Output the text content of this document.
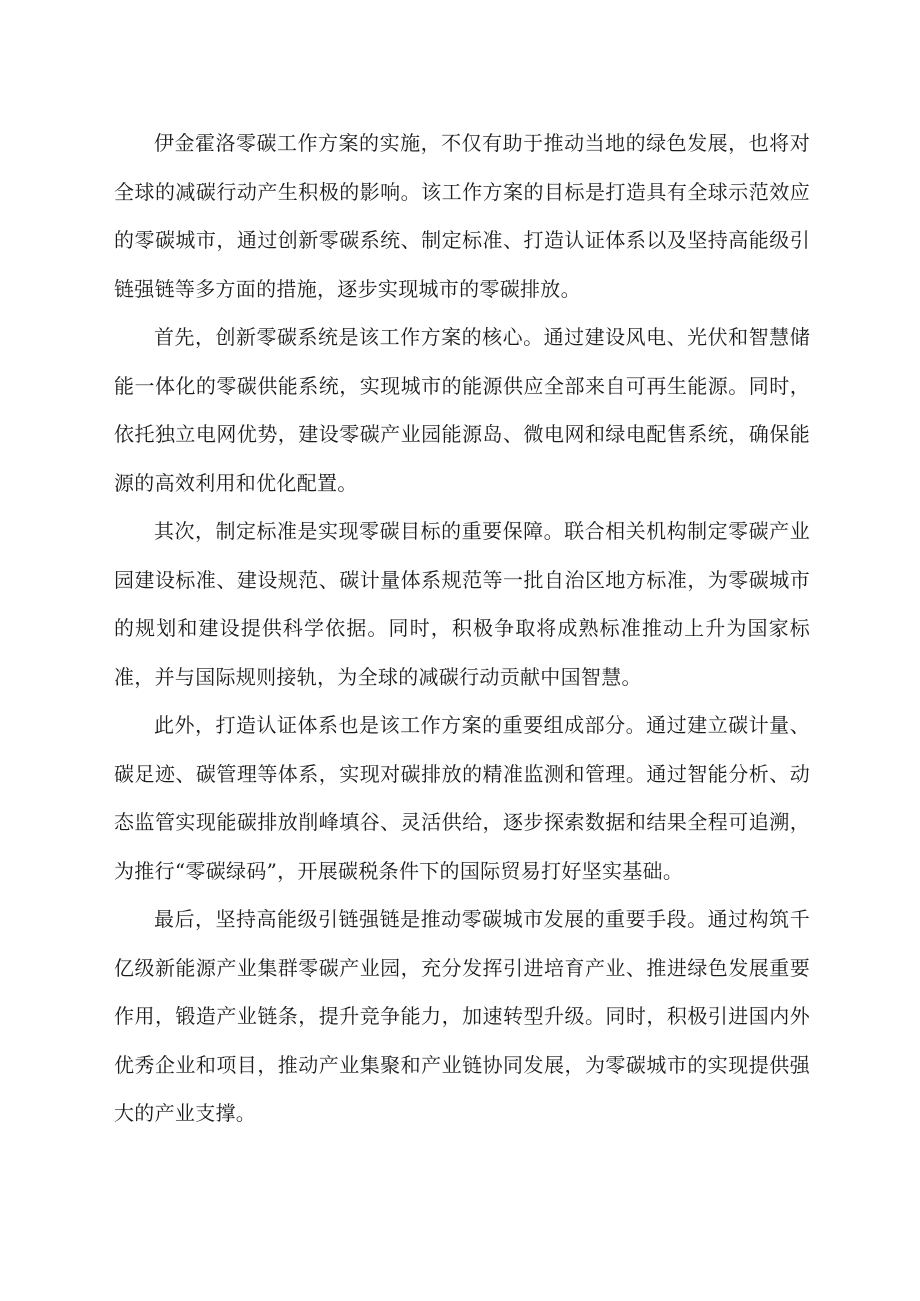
伊金霍洛零碳工作方案的实施，不仅有助于推动当地的绿色发展，也将对全球的减碳行动产生积极的影响。该工作方案的目标是打造具有全球示范效应的零碳城市，通过创新零碳系统、制定标准、打造认证体系以及坚持高能级引链强链等多方面的措施，逐步实现城市的零碳排放。

首先，创新零碳系统是该工作方案的核心。通过建设风电、光伏和智慧储能一体化的零碳供能系统，实现城市的能源供应全部来自可再生能源。同时，依托独立电网优势，建设零碳产业园能源岛、微电网和绿电配售系统，确保能源的高效利用和优化配置。

其次，制定标准是实现零碳目标的重要保障。联合相关机构制定零碳产业园建设标准、建设规范、碳计量体系规范等一批自治区地方标准，为零碳城市的规划和建设提供科学依据。同时，积极争取将成熟标准推动上升为国家标准，并与国际规则接轨，为全球的减碳行动贡献中国智慧。

此外，打造认证体系也是该工作方案的重要组成部分。通过建立碳计量、碳足迹、碳管理等体系，实现对碳排放的精准监测和管理。通过智能分析、动态监管实现能碳排放削峰填谷、灵活供给，逐步探索数据和结果全程可追溯，为推行“零碳绿码”，开展碳税条件下的国际贸易打好坚实基础。

最后，坚持高能级引链强链是推动零碳城市发展的重要手段。通过构筑千亿级新能源产业集群零碳产业园，充分发挥引进培育产业、推进绿色发展重要作用，锻造产业链条，提升竞争能力，加速转型升级。同时，积极引进国内外优秀企业和项目，推动产业集聚和产业链协同发展，为零碳城市的实现提供强大的产业支撑。
